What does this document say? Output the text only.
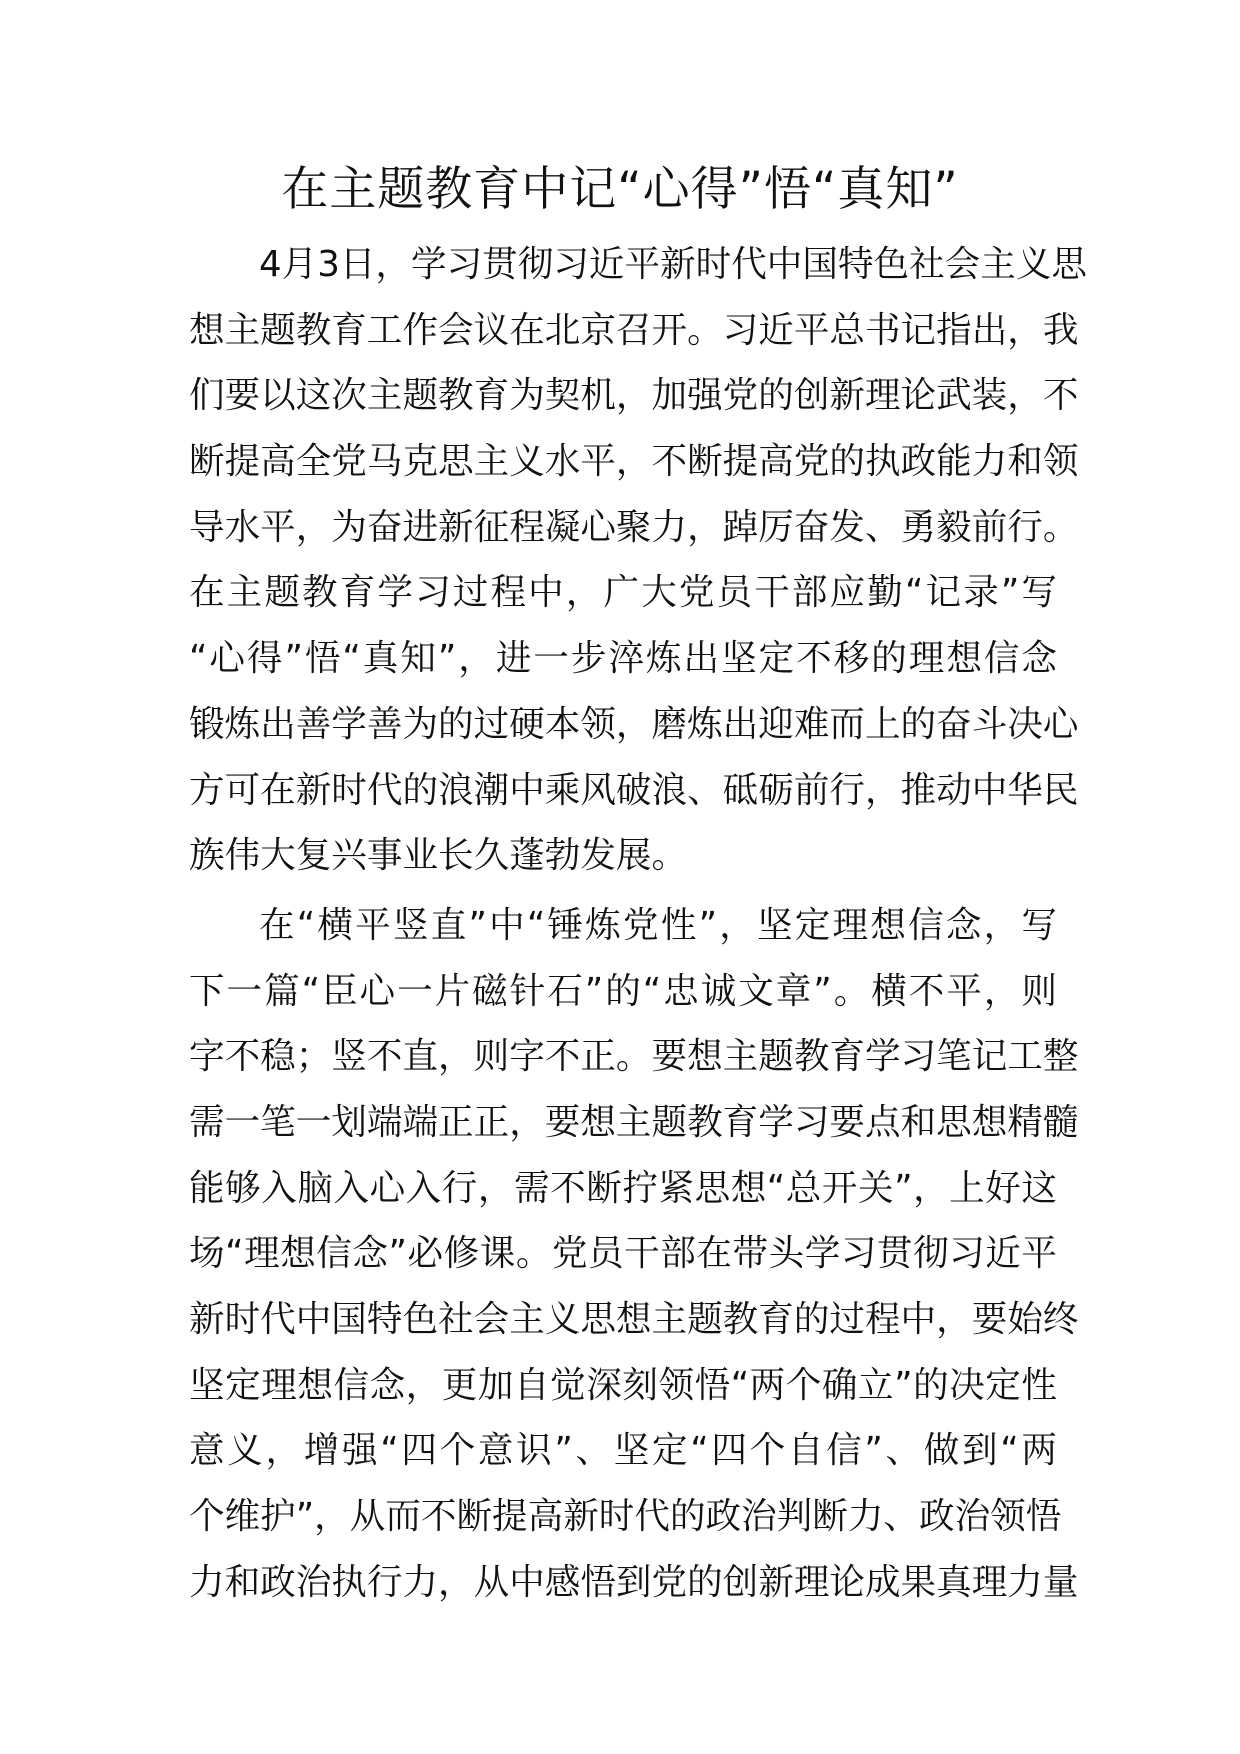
在主题教育中记“心得”悟“真知”
4月3日，学习贯彻习近平新时代中国特色社会主义思
想主题教育工作会议在北京召开。习近平总书记指出，我
们要以这次主题教育为契机，加强党的创新理论武装，不
断提高全党马克思主义水平，不断提高党的执政能力和领
导水平，为奋进新征程凝心聚力，踔厉奋发、勇毅前行。
在主题教育学习过程中，广大党员干部应勤“记录”写
“心得”悟“真知”，进一步淬炼出坚定不移的理想信念
锻炼出善学善为的过硬本领，磨炼出迎难而上的奋斗决心
方可在新时代的浪潮中乘风破浪、砥砺前行，推动中华民
族伟大复兴事业长久蓬勃发展。
在“横平竖直”中“锤炼党性”，坚定理想信念，写
下一篇“臣心一片磁针石”的“忠诚文章”。横不平，则
字不稳；竖不直，则字不正。要想主题教育学习笔记工整
需一笔一划端端正正，要想主题教育学习要点和思想精髓
能够入脑入心入行，需不断拧紧思想“总开关”，上好这
场“理想信念”必修课。党员干部在带头学习贯彻习近平
新时代中国特色社会主义思想主题教育的过程中，要始终
坚定理想信念，更加自觉深刻领悟“两个确立”的决定性
意义，增强“四个意识”、坚定“四个自信”、做到“两
个维护”，从而不断提高新时代的政治判断力、政治领悟
力和政治执行力，从中感悟到党的创新理论成果真理力量
